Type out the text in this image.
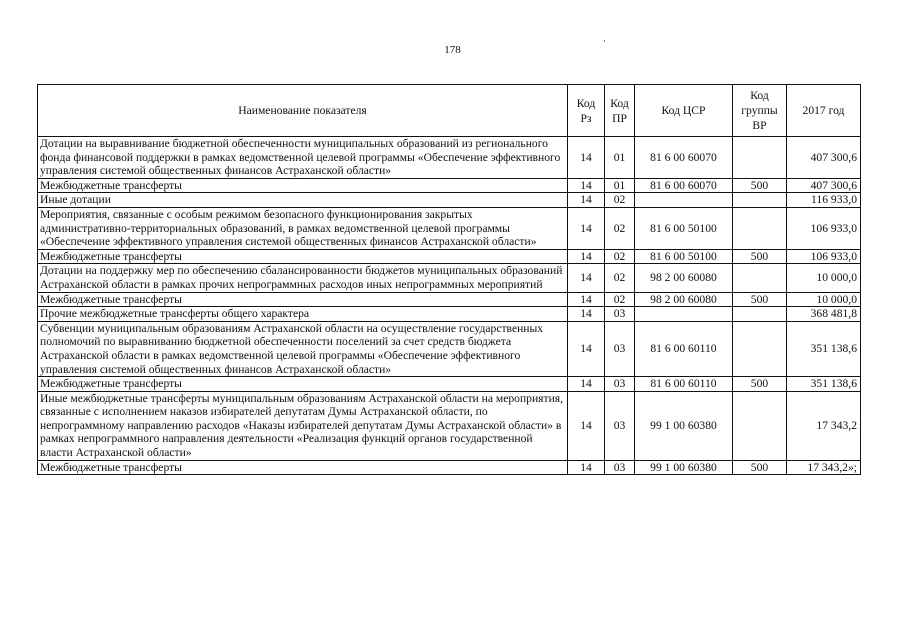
·
178
Наименование показателя	Код Рз	Код ПР	Код ЦСР	Код группы ВР	2017 год
Дотации на выравнивание бюджетной обеспеченности муниципальных образований из регионального фонда финансовой поддержки в рамках ведомственной целевой программы «Обеспечение эффективного управления системой общественных финансов Астраханской области»	14	01	81 6 00 60070		407 300,6
Межбюджетные трансферты	14	01	81 6 00 60070	500	407 300,6
Иные дотации	14	02			116 933,0
Мероприятия, связанные с особым режимом безопасного функционирования закрытых административно-территориальных образований, в рамках ведомственной целевой программы «Обеспечение эффективного управления системой общественных финансов Астраханской области»	14	02	81 6 00 50100		106 933,0
Межбюджетные трансферты	14	02	81 6 00 50100	500	106 933,0
Дотации на поддержку мер по обеспечению сбалансированности бюджетов муниципальных образований Астраханской области в рамках прочих непрограммных расходов иных непрограммных мероприятий	14	02	98 2 00 60080		10 000,0
Межбюджетные трансферты	14	02	98 2 00 60080	500	10 000,0
Прочие межбюджетные трансферты общего характера	14	03			368 481,8
Субвенции муниципальным образованиям Астраханской области на осуществление государственных полномочий по выравниванию бюджетной обеспеченности поселений за счет средств бюджета Астраханской области в рамках ведомственной целевой программы «Обеспечение эффективного управления системой общественных финансов Астраханской области»	14	03	81 6 00 60110		351 138,6
Межбюджетные трансферты	14	03	81 6 00 60110	500	351 138,6
Иные межбюджетные трансферты муниципальным образованиям Астраханской области на мероприятия, связанные с исполнением наказов избирателей депутатам Думы Астраханской области, по непрограммному направлению расходов «Наказы избирателей депутатам Думы Астраханской области» в рамках непрограммного направления деятельности «Реализация функций органов государственной власти Астраханской области»	14	03	99 1 00 60380		17 343,2
Межбюджетные трансферты	14	03	99 1 00 60380	500	17 343,2»;
